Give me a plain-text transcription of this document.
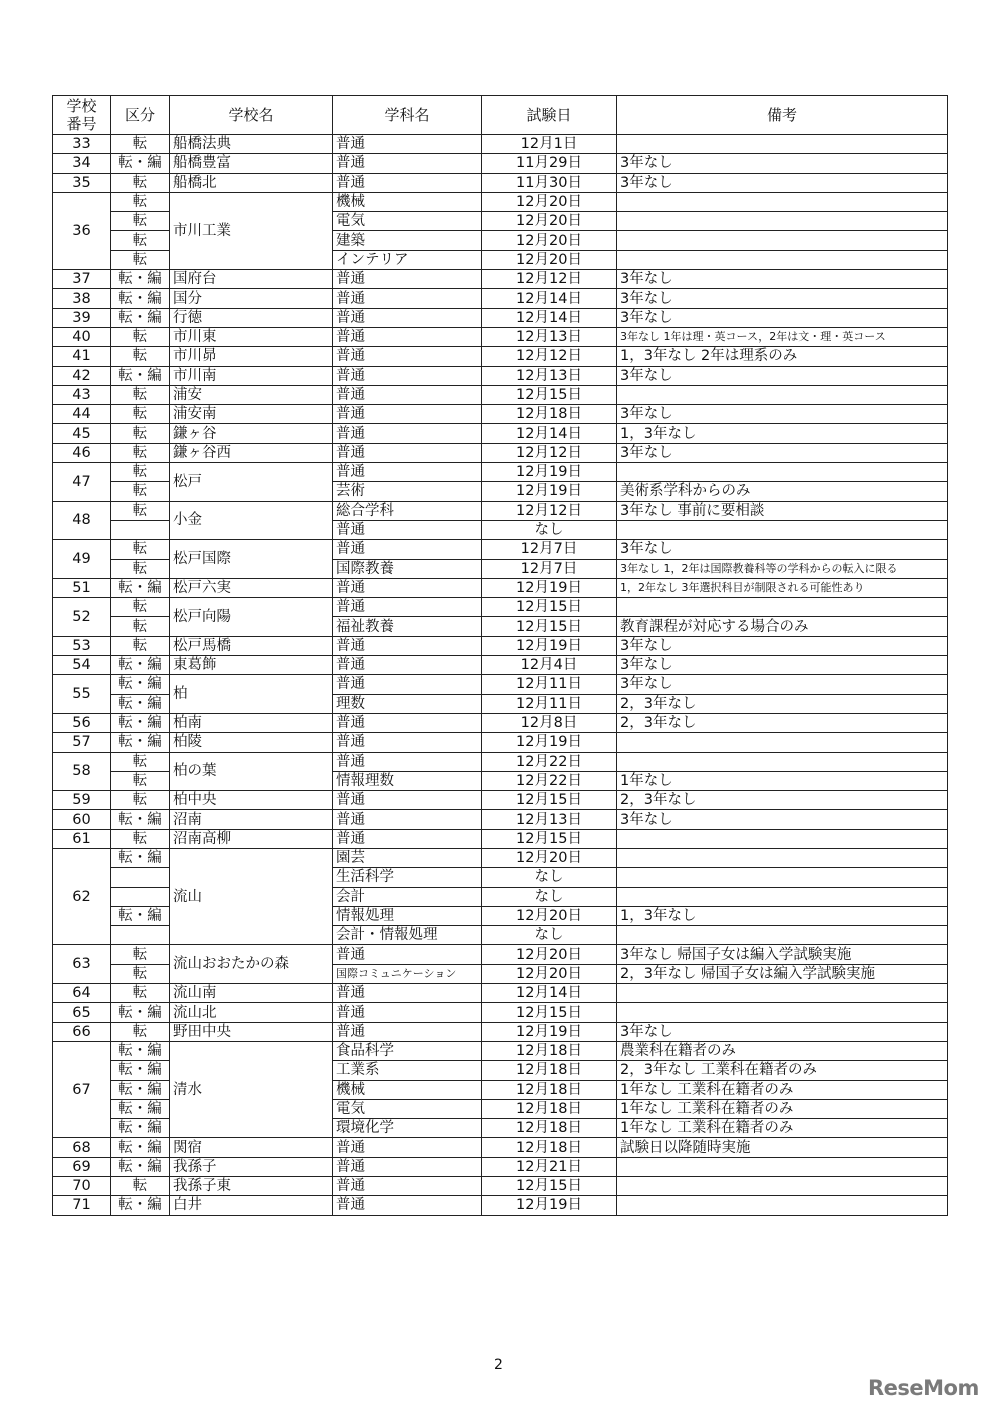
学校
番号	区分	学校名	学科名	試験日	備考
33	転	船橋法典	普通	12月1日	
34	転・編	船橋豊富	普通	11月29日	3年なし
35	転	船橋北	普通	11月30日	3年なし
36	転	市川工業	機械	12月20日	
	転		電気	12月20日	
	転		建築	12月20日	
	転		インテリア	12月20日	
37	転・編	国府台	普通	12月12日	3年なし
38	転・編	国分	普通	12月14日	3年なし
39	転・編	行徳	普通	12月14日	3年なし
40	転	市川東	普通	12月13日	3年なし 1年は理・英コース，2年は文・理・英コース
41	転	市川昴	普通	12月12日	1，3年なし 2年は理系のみ
42	転・編	市川南	普通	12月13日	3年なし
43	転	浦安	普通	12月15日	
44	転	浦安南	普通	12月18日	3年なし
45	転	鎌ヶ谷	普通	12月14日	1，3年なし
46	転	鎌ヶ谷西	普通	12月12日	3年なし
47	転	松戸	普通	12月19日	
	転		芸術	12月19日	美術系学科からのみ
48	転	小金	総合学科	12月12日	3年なし 事前に要相談
			普通	なし	
49	転	松戸国際	普通	12月7日	3年なし
	転		国際教養	12月7日	3年なし 1，2年は国際教養科等の学科からの転入に限る
51	転・編	松戸六実	普通	12月19日	1，2年なし 3年選択科目が制限される可能性あり
52	転	松戸向陽	普通	12月15日	
	転		福祉教養	12月15日	教育課程が対応する場合のみ
53	転	松戸馬橋	普通	12月19日	3年なし
54	転・編	東葛飾	普通	12月4日	3年なし
55	転・編	柏	普通	12月11日	3年なし
	転・編		理数	12月11日	2，3年なし
56	転・編	柏南	普通	12月8日	2，3年なし
57	転・編	柏陵	普通	12月19日	
58	転	柏の葉	普通	12月22日	
	転		情報理数	12月22日	1年なし
59	転	柏中央	普通	12月15日	2，3年なし
60	転・編	沼南	普通	12月13日	3年なし
61	転	沼南高柳	普通	12月15日	
62	転・編	流山	園芸	12月20日	
			生活科学	なし	
			会計	なし	
	転・編		情報処理	12月20日	1，3年なし
			会計・情報処理	なし	
63	転	流山おおたかの森	普通	12月20日	3年なし 帰国子女は編入学試験実施
	転		国際コミュニケーション	12月20日	2，3年なし 帰国子女は編入学試験実施
64	転	流山南	普通	12月14日	
65	転・編	流山北	普通	12月15日	
66	転	野田中央	普通	12月19日	3年なし
67	転・編	清水	食品科学	12月18日	農業科在籍者のみ
	転・編		工業系	12月18日	2，3年なし 工業科在籍者のみ
	転・編		機械	12月18日	1年なし 工業科在籍者のみ
	転・編		電気	12月18日	1年なし 工業科在籍者のみ
	転・編		環境化学	12月18日	1年なし 工業科在籍者のみ
68	転・編	関宿	普通	12月18日	試験日以降随時実施
69	転・編	我孫子	普通	12月21日	
70	転	我孫子東	普通	12月15日	
71	転・編	白井	普通	12月19日	
2
ReseMom
